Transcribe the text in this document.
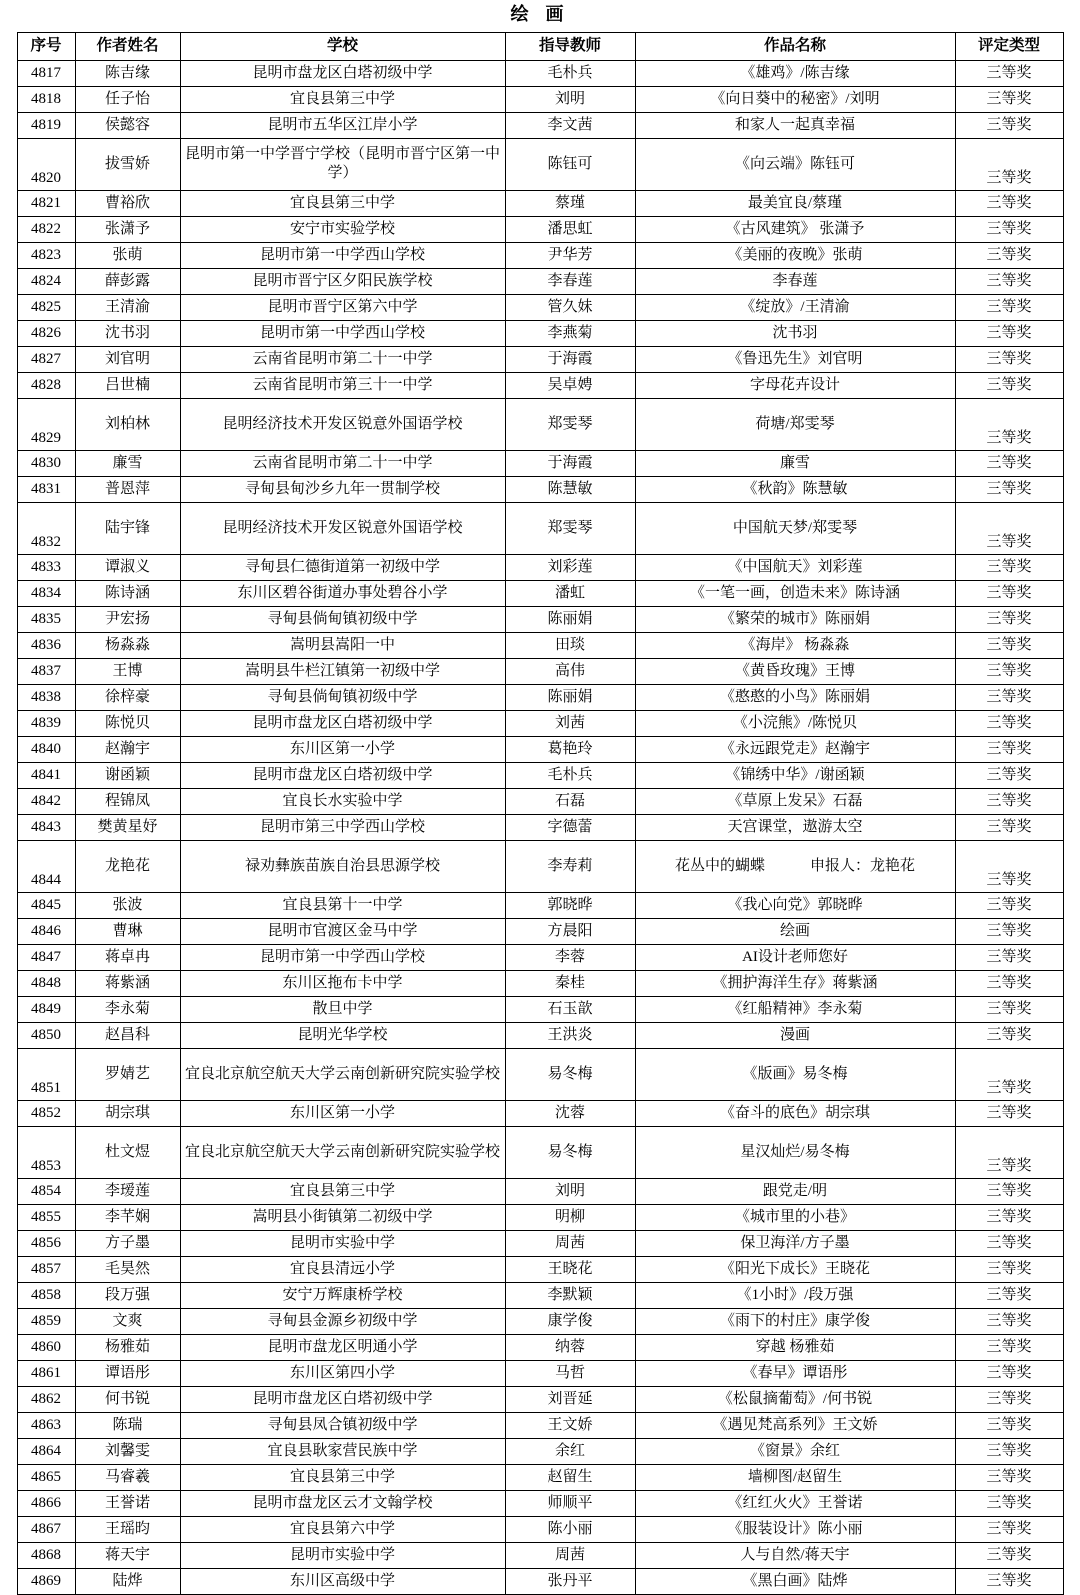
绘 画
序号	作者姓名	学校	指导教师	作品名称	评定类型
4817	陈吉缘	昆明市盘龙区白塔初级中学	毛朴兵	《雄鸡》/陈吉缘	三等奖
4818	任子怡	宜良县第三中学	刘明	《向日葵中的秘密》/刘明	三等奖
4819	侯懿容	昆明市五华区江岸小学	李文茜	和家人一起真幸福	三等奖
4820	拔雪娇	昆明市第一中学晋宁学校（昆明市晋宁区第一中学）	陈钰可	《向云端》陈钰可	三等奖
4821	曹裕欣	宜良县第三中学	蔡瑾	最美宜良/蔡瑾	三等奖
4822	张潇予	安宁市实验学校	潘思虹	《古风建筑》 张潇予	三等奖
4823	张萌	昆明市第一中学西山学校	尹华芳	《美丽的夜晚》张萌	三等奖
4824	薛彭露	昆明市晋宁区夕阳民族学校	李春莲	李春莲	三等奖
4825	王清渝	昆明市晋宁区第六中学	管久妹	《绽放》/王清渝	三等奖
4826	沈书羽	昆明市第一中学西山学校	李燕菊	沈书羽	三等奖
4827	刘官明	云南省昆明市第二十一中学	于海霞	《鲁迅先生》刘官明	三等奖
4828	吕世楠	云南省昆明市第三十一中学	吴卓娉	字母花卉设计	三等奖
4829	刘柏林	昆明经济技术开发区锐意外国语学校	郑雯琴	荷塘/郑雯琴	三等奖
4830	廉雪	云南省昆明市第二十一中学	于海霞	廉雪	三等奖
4831	普恩萍	寻甸县甸沙乡九年一贯制学校	陈慧敏	《秋韵》陈慧敏	三等奖
4832	陆宇锋	昆明经济技术开发区锐意外国语学校	郑雯琴	中国航天梦/郑雯琴	三等奖
4833	谭淑义	寻甸县仁德街道第一初级中学	刘彩莲	《中国航天》刘彩莲	三等奖
4834	陈诗涵	东川区碧谷街道办事处碧谷小学	潘虹	《一笔一画，创造未来》陈诗涵	三等奖
4835	尹宏扬	寻甸县倘甸镇初级中学	陈丽娟	《繁荣的城市》陈丽娟	三等奖
4836	杨淼淼	嵩明县嵩阳一中	田琰	《海岸》 杨淼淼	三等奖
4837	王博	嵩明县牛栏江镇第一初级中学	高伟	《黄昏玫瑰》王博	三等奖
4838	徐梓豪	寻甸县倘甸镇初级中学	陈丽娟	《憨憨的小鸟》陈丽娟	三等奖
4839	陈悦贝	昆明市盘龙区白塔初级中学	刘茜	《小浣熊》/陈悦贝	三等奖
4840	赵瀚宇	东川区第一小学	葛艳玲	《永远跟党走》赵瀚宇	三等奖
4841	谢函颖	昆明市盘龙区白塔初级中学	毛朴兵	《锦绣中华》/谢函颖	三等奖
4842	程锦凤	宜良长水实验中学	石磊	《草原上发呆》石磊	三等奖
4843	樊黄星妤	昆明市第三中学西山学校	字德蕾	天宫课堂，遨游太空	三等奖
4844	龙艳花	禄劝彝族苗族自治县思源学校	李寿莉	花丛中的蝴蝶　　　申报人：龙艳花	三等奖
4845	张波	宜良县第十一中学	郭晓晔	《我心向党》郭晓晔	三等奖
4846	曹琳	昆明市官渡区金马中学	方晨阳	绘画	三等奖
4847	蒋卓冉	昆明市第一中学西山学校	李蓉	AI设计老师您好	三等奖
4848	蒋紫涵	东川区拖布卡中学	秦桂	《拥护海洋生存》蒋紫涵	三等奖
4849	李永菊	散旦中学	石玉歆	《红船精神》李永菊	三等奖
4850	赵昌科	昆明光华学校	王洪炎	漫画	三等奖
4851	罗婧艺	宜良北京航空航天大学云南创新研究院实验学校	易冬梅	《版画》易冬梅	三等奖
4852	胡宗琪	东川区第一小学	沈蓉	《奋斗的底色》胡宗琪	三等奖
4853	杜文煜	宜良北京航空航天大学云南创新研究院实验学校	易冬梅	星汉灿烂/易冬梅	三等奖
4854	李瑷莲	宜良县第三中学	刘明	跟党走/明	三等奖
4855	李芊娴	嵩明县小街镇第二初级中学	明柳	《城市里的小巷》	三等奖
4856	方子墨	昆明市实验中学	周茜	保卫海洋/方子墨	三等奖
4857	毛昊然	宜良县清远小学	王晓花	《阳光下成长》王晓花	三等奖
4858	段万强	安宁万辉康桥学校	李默颖	《1小时》/段万强	三等奖
4859	文爽	寻甸县金源乡初级中学	康学俊	《雨下的村庄》康学俊	三等奖
4860	杨雅茹	昆明市盘龙区明通小学	纳蓉	穿越 杨雅茹	三等奖
4861	谭语彤	东川区第四小学	马哲	《春早》谭语彤	三等奖
4862	何书锐	昆明市盘龙区白塔初级中学	刘晋延	《松鼠摘葡萄》/何书锐	三等奖
4863	陈瑞	寻甸县凤合镇初级中学	王文娇	《遇见梵高系列》王文娇	三等奖
4864	刘馨雯	宜良县耿家营民族中学	余红	《窗景》余红	三等奖
4865	马睿羲	宜良县第三中学	赵留生	墙柳图/赵留生	三等奖
4866	王誉诺	昆明市盘龙区云才文翰学校	师顺平	《红红火火》王誉诺	三等奖
4867	王瑶昀	宜良县第六中学	陈小丽	《服装设计》陈小丽	三等奖
4868	蒋天宇	昆明市实验中学	周茜	人与自然/蒋天宇	三等奖
4869	陆烨	东川区高级中学	张丹平	《黑白画》陆烨	三等奖
